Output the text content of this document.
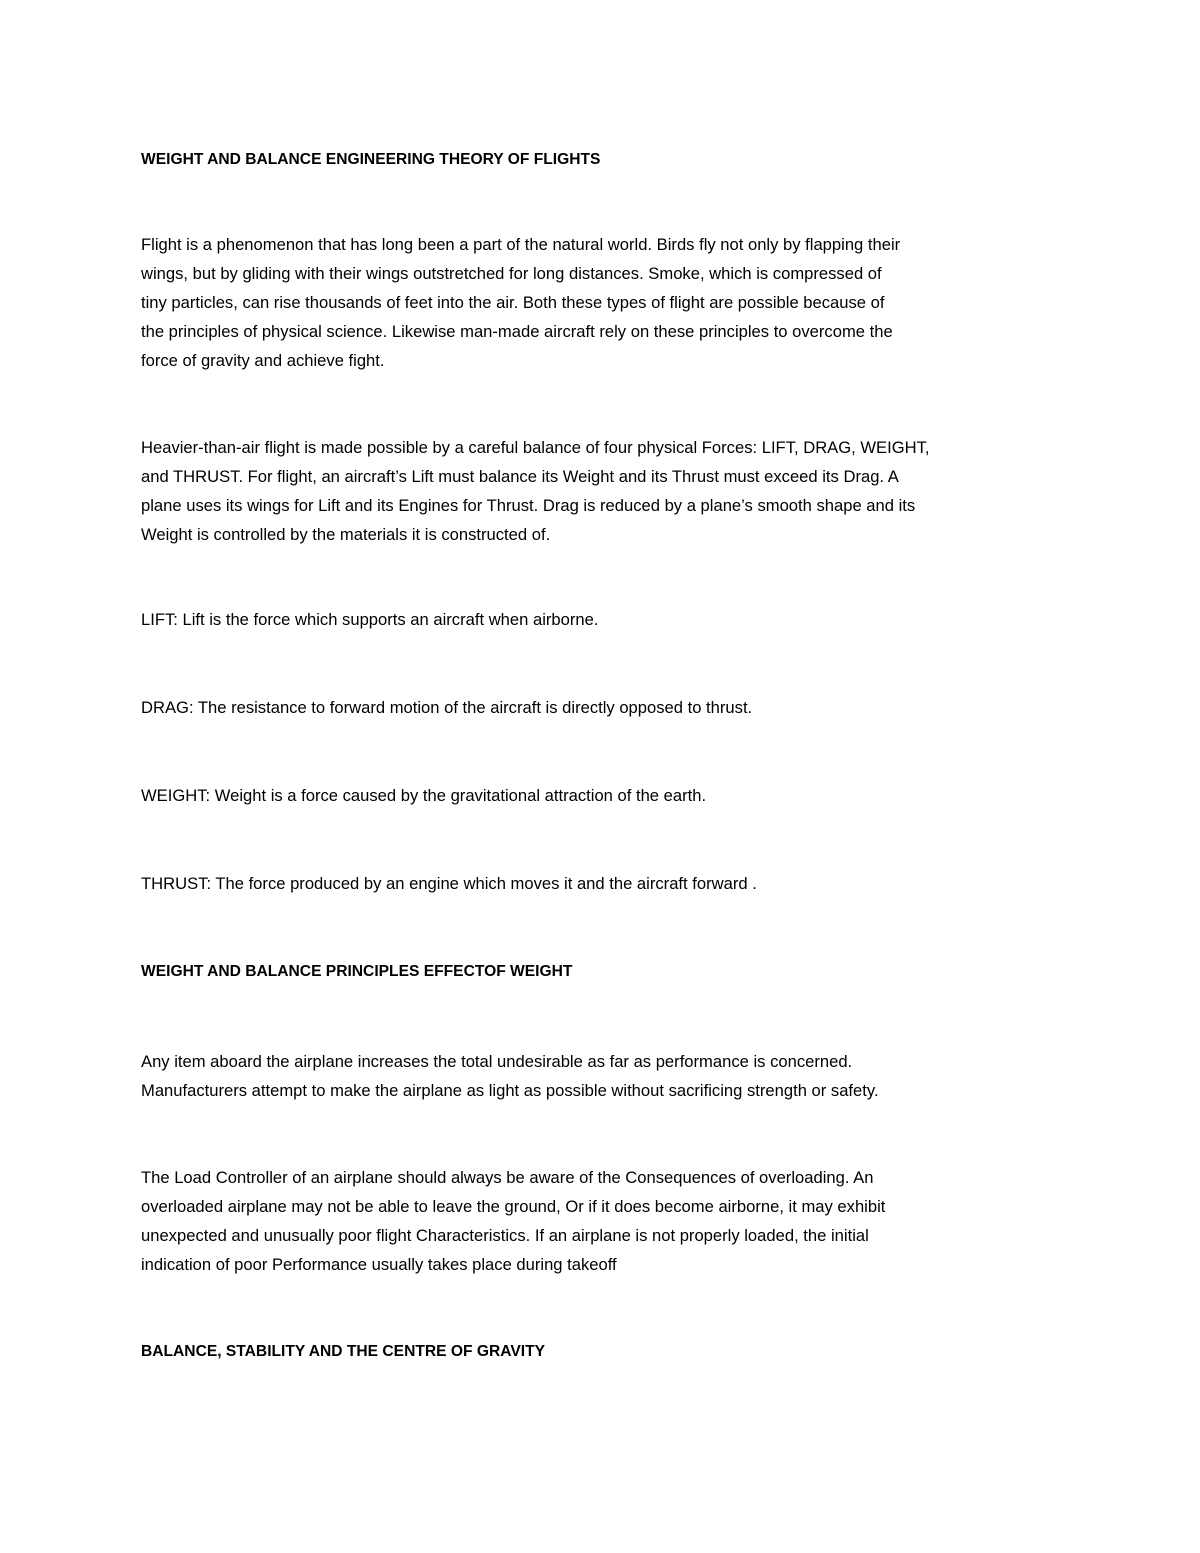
WEIGHT AND BALANCE ENGINEERING THEORY OF FLIGHTS

Flight is a phenomenon that has long been a part of the natural world. Birds fly not only by flapping their
wings, but by gliding with their wings outstretched for long distances. Smoke, which is compressed of
tiny particles, can rise thousands of feet into the air. Both these types of flight are possible because of
the principles of physical science. Likewise man-made aircraft rely on these principles to overcome the
force of gravity and achieve fight.
Heavier-than-air flight is made possible by a careful balance of four physical Forces: LIFT, DRAG, WEIGHT,
and THRUST. For flight, an aircraft’s Lift must balance its Weight and its Thrust must exceed its Drag. A
plane uses its wings for Lift and its Engines for Thrust. Drag is reduced by a plane’s smooth shape and its
Weight is controlled by the materials it is constructed of.

LIFT: Lift is the force which supports an aircraft when airborne.

DRAG: The resistance to forward motion of the aircraft is directly opposed to thrust.

WEIGHT: Weight is a force caused by the gravitational attraction of the earth.

THRUST: The force produced by an engine which moves it and the aircraft forward .

WEIGHT AND BALANCE PRINCIPLES EFFECTOF WEIGHT

Any item aboard the airplane increases the total undesirable as far as performance is concerned.
Manufacturers attempt to make the airplane as light as possible without sacrificing strength or safety.
The Load Controller of an airplane should always be aware of the Consequences of overloading. An
overloaded airplane may not be able to leave the ground, Or if it does become airborne, it may exhibit
unexpected and unusually poor flight Characteristics. If an airplane is not properly loaded, the initial
indication of poor Performance usually takes place during takeoff

BALANCE, STABILITY AND THE CENTRE OF GRAVITY
